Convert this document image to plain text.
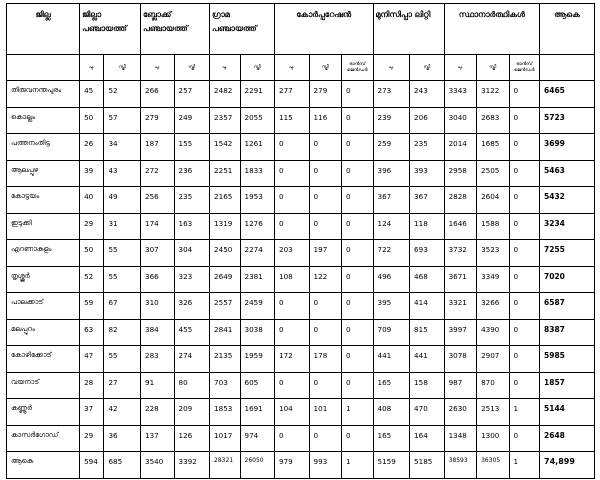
ജില്ല	ജില്ലാ പഞ്ചായത്ത്		ബ്ലോക്ക് പഞ്ചായത്ത്		ഗ്രാമ പഞ്ചായത്ത്		കോർപ്പറേഷൻ			മുനിസിപ്പാ ലിറ്റി		സ്ഥാനാർത്ഥികൾ			ആകെ
	പു.	സ്ത്രീ	പു.	സ്ത്രീ	പു.	സ്ത്രീ	പു.	സ്ത്രീ	ട്രാൻസ് ജെൻഡർ	പു.	സ്ത്രീ	പു.	സ്ത്രീ	ട്രാൻസ് ജെൻഡർ	
തിരുവനന്തപുരം	45	52	266	257	2482	2291	277	279	0	273	243	3343	3122	0	6465
കൊല്ലം	50	57	279	249	2357	2055	115	116	0	239	206	3040	2683	0	5723
പത്തനംതിട്ട	26	34	187	155	1542	1261	0	0	0	259	235	2014	1685	0	3699
ആലപ്പുഴ	39	43	272	236	2251	1833	0	0	0	396	393	2958	2505	0	5463
കോട്ടയം	40	49	256	235	2165	1953	0	0	0	367	367	2828	2604	0	5432
ഇടുക്കി	29	31	174	163	1319	1276	0	0	0	124	118	1646	1588	0	3234
എറണാകുളം	50	55	307	304	2450	2274	203	197	0	722	693	3732	3523	0	7255
തൃശ്ശൂർ	52	55	366	323	2649	2381	108	122	0	496	468	3671	3349	0	7020
പാലക്കാട്	59	67	310	326	2557	2459	0	0	0	395	414	3321	3266	0	6587
മലപ്പുറം	63	82	384	455	2841	3038	0	0	0	709	815	3997	4390	0	8387
കോഴിക്കോട്	47	55	283	274	2135	1959	172	178	0	441	441	3078	2907	0	5985
വയനാട്	28	27	91	80	703	605	0	0	0	165	158	987	870	0	1857
കണ്ണൂർ	37	42	228	209	1853	1691	104	101	1	408	470	2630	2513	1	5144
കാസർഗോഡ്	29	36	137	126	1017	974	0	0	0	165	164	1348	1300	0	2648
ആകെ	594	685	3540	3392	28321	26050	979	993	1	5159	5185	38593	36305	1	74,899
